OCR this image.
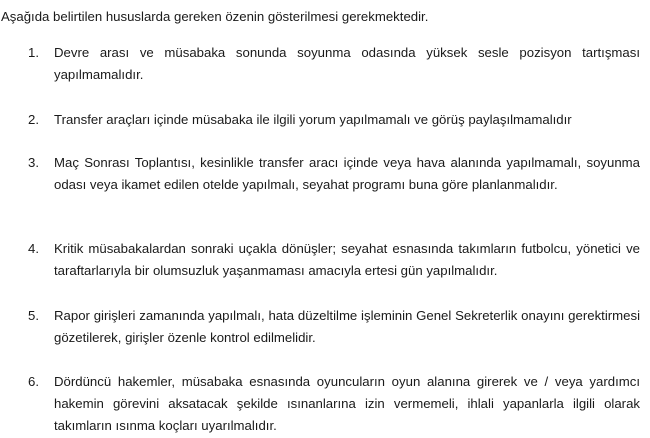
Aşağıda belirtilen hususlarda gereken özenin gösterilmesi gerekmektedir.
1. Devre arası ve müsabaka sonunda soyunma odasında yüksek sesle pozisyon tartışması yapılmamalıdır.
2. Transfer araçları içinde müsabaka ile ilgili yorum yapılmamalı ve görüş paylaşılmamalıdır
3. Maç Sonrası Toplantısı, kesinlikle transfer aracı içinde veya hava alanında yapılmamalı, soyunma odası veya ikamet edilen otelde yapılmalı, seyahat programı buna göre planlanmalıdır.
4. Kritik müsabakalardan sonraki uçakla dönüşler; seyahat esnasında takımların futbolcu, yönetici ve taraftarlarıyla bir olumsuzluk yaşanmaması amacıyla ertesi gün yapılmalıdır.
5. Rapor girişleri zamanında yapılmalı, hata düzeltilme işleminin Genel Sekreterlik onayını gerektirmesi gözetilerek, girişler özenle kontrol edilmelidir.
6. Dördüncü hakemler, müsabaka esnasında oyuncuların oyun alanına girerek ve / veya yardımcı hakemin görevini aksatacak şekilde ısınanlarına izin vermemeli, ihlali yapanlarla ilgili olarak takımların ısınma koçları uyarılmalıdır.
